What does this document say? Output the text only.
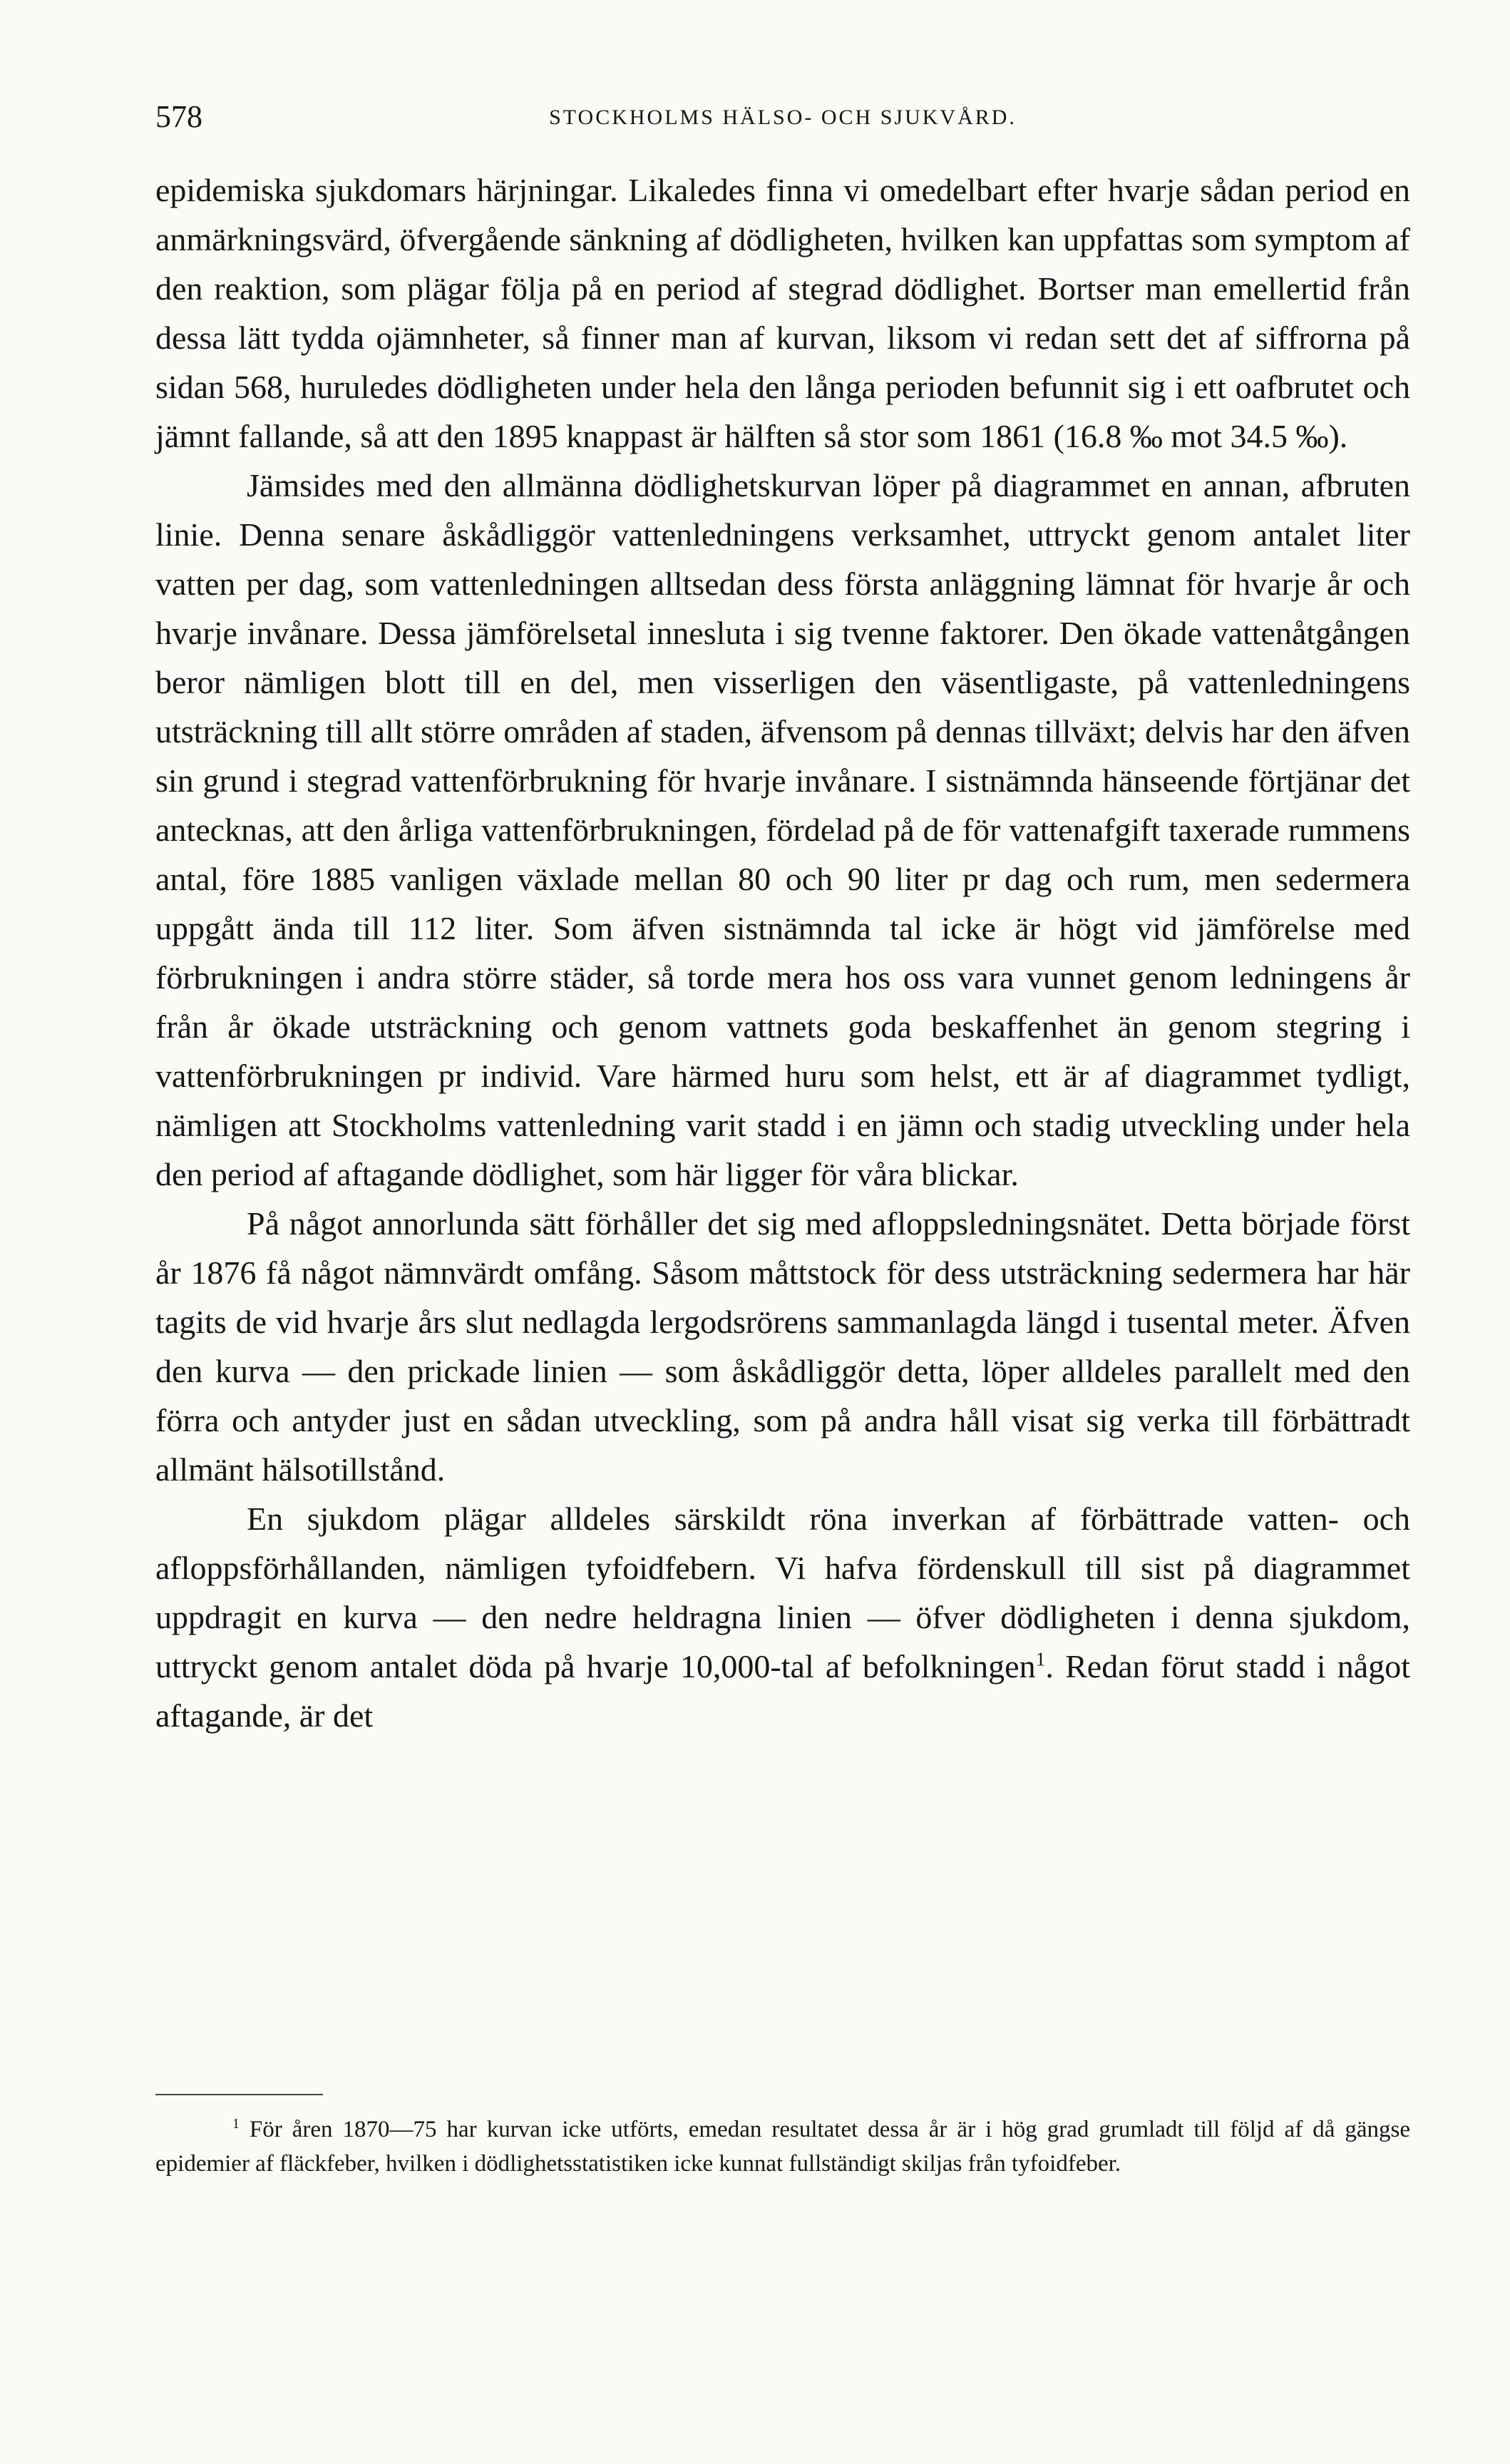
578	STOCKHOLMS HÄLSO- OCH SJUKVÅRD.

epidemiska sjukdomars härjningar. Likaledes finna vi omedelbart efter hvarje sådan period en anmärkningsvärd, öfvergående sänkning af dödligheten, hvilken kan uppfattas som symptom af den reaktion, som plägar följa på en period af stegrad dödlighet. Bortser man emellertid från dessa lätt tydda ojämnheter, så finner man af kurvan, liksom vi redan sett det af siffrorna på sidan 568, huruledes dödligheten under hela den långa perioden befunnit sig i ett oafbrutet och jämnt fallande, så att den 1895 knappast är hälften så stor som 1861 (16.8 ‰ mot 34.5 ‰).

Jämsides med den allmänna dödlighetskurvan löper på diagrammet en annan, afbruten linie. Denna senare åskådliggör vattenledningens verksamhet, uttryckt genom antalet liter vatten per dag, som vattenledningen alltsedan dess första anläggning lämnat för hvarje år och hvarje invånare. Dessa jämförelsetal innesluta i sig tvenne faktorer. Den ökade vattenåtgången beror nämligen blott till en del, men visserligen den väsentligaste, på vattenledningens utsträckning till allt större områden af staden, äfvensom på dennas tillväxt; delvis har den äfven sin grund i stegrad vattenförbrukning för hvarje invånare. I sistnämnda hänseende förtjänar det antecknas, att den årliga vattenförbrukningen, fördelad på de för vattenafgift taxerade rummens antal, före 1885 vanligen växlade mellan 80 och 90 liter pr dag och rum, men sedermera uppgått ända till 112 liter. Som äfven sistnämnda tal icke är högt vid jämförelse med förbrukningen i andra större städer, så torde mera hos oss vara vunnet genom ledningens år från år ökade utsträckning och genom vattnets goda beskaffenhet än genom stegring i vattenförbrukningen pr individ. Vare härmed huru som helst, ett är af diagrammet tydligt, nämligen att Stockholms vattenledning varit stadd i en jämn och stadig utveckling under hela den period af aftagande dödlighet, som här ligger för våra blickar.

På något annorlunda sätt förhåller det sig med afloppsledningsnätet. Detta började först år 1876 få något nämnvärdt omfång. Såsom måttstock för dess utsträckning sedermera har här tagits de vid hvarje års slut nedlagda lergodsrörens sammanlagda längd i tusental meter. Äfven den kurva — den prickade linien — som åskådliggör detta, löper alldeles parallelt med den förra och antyder just en sådan utveckling, som på andra håll visat sig verka till förbättradt allmänt hälsotillstånd.

En sjukdom plägar alldeles särskildt röna inverkan af förbättrade vatten- och afloppsförhållanden, nämligen tyfoidfebern. Vi hafva fördenskull till sist på diagrammet uppdragit en kurva — den nedre heldragna linien — öfver dödligheten i denna sjukdom, uttryckt genom antalet döda på hvarje 10,000-tal af befolkningen$^1$. Redan förut stadd i något aftagande, är det

$^1$ För åren 1870—75 har kurvan icke utförts, emedan resultatet dessa år är i hög grad grumladt till följd af då gängse epidemier af fläckfeber, hvilken i dödlighetsstatistiken icke kunnat fullständigt skiljas från tyfoidfeber.
